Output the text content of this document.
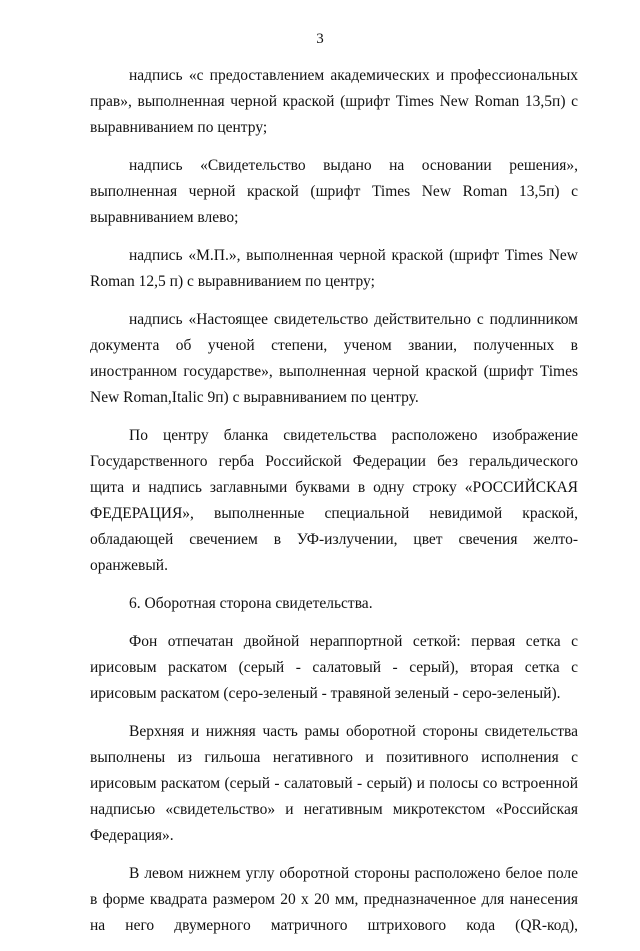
3

надпись «с предоставлением академических и профессиональных прав», выполненная черной краской (шрифт Times New Roman 13,5п) с выравниванием по центру;

надпись «Свидетельство выдано на основании решения», выполненная черной краской (шрифт Times New Roman 13,5п) с выравниванием влево;

надпись «М.П.», выполненная черной краской (шрифт Times New Roman 12,5 п) с выравниванием по центру;

надпись «Настоящее свидетельство действительно с подлинником документа об ученой степени, ученом звании, полученных в иностранном государстве», выполненная черной краской (шрифт Times New Roman,Italic 9п) с выравниванием по центру.

По центру бланка свидетельства расположено изображение Государственного герба Российской Федерации без геральдического щита и надпись заглавными буквами в одну строку «РОССИЙСКАЯ ФЕДЕРАЦИЯ», выполненные специальной невидимой краской, обладающей свечением в УФ-излучении, цвет свечения желто-оранжевый.

6. Оборотная сторона свидетельства.

Фон отпечатан двойной нераппортной сеткой: первая сетка с ирисовым раскатом (серый - салатовый - серый), вторая сетка с ирисовым раскатом (серо-зеленый - травяной зеленый - серо-зеленый).

Верхняя и нижняя часть рамы оборотной стороны свидетельства выполнены из гильоша негативного и позитивного исполнения с ирисовым раскатом (серый - салатовый - серый) и полосы со встроенной надписью «свидетельство» и негативным микротекстом «Российская Федерация».

В левом нижнем углу оборотной стороны расположено белое поле в форме квадрата размером 20 х 20 мм, предназначенное для нанесения на него двумерного матричного штрихового кода (QR-код),
